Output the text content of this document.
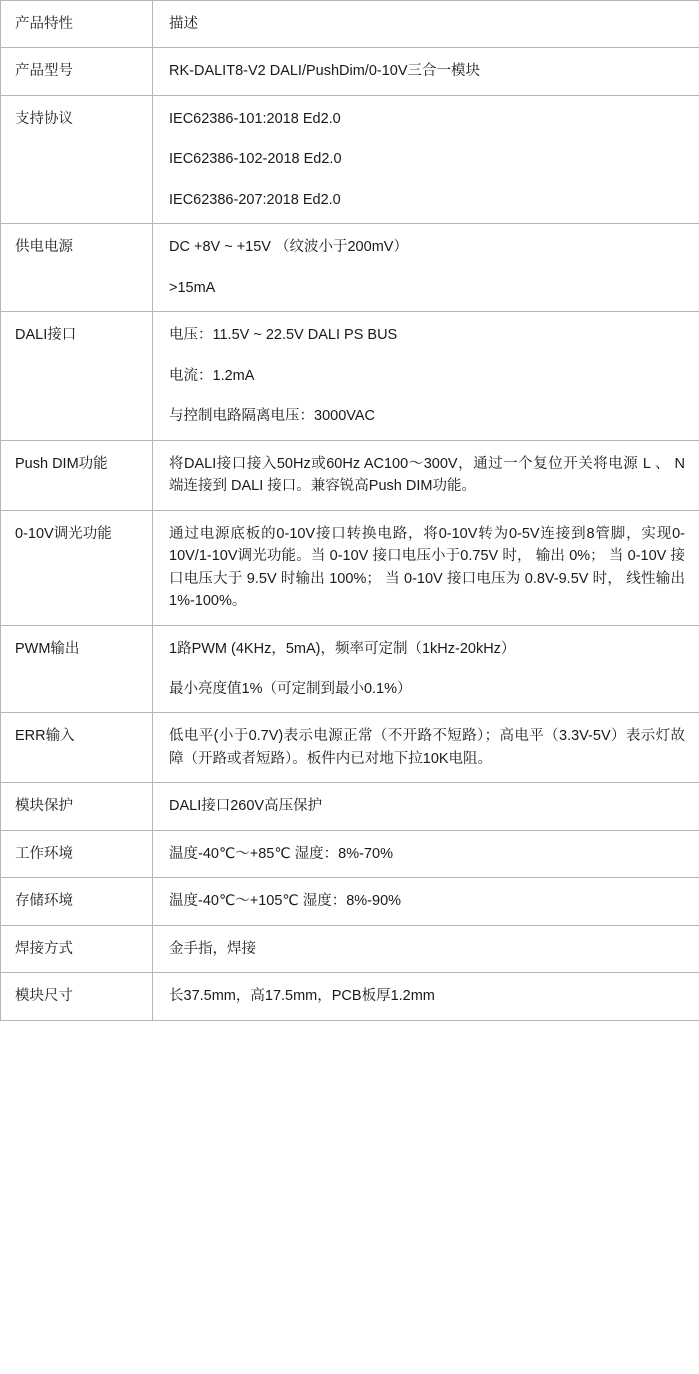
产品特性	描述
产品型号	RK-DALIT8-V2 DALI/PushDim/0-10V三合一模块

支持协议	IEC62386-101:2018 Ed2.0
IEC62386-102-2018 Ed2.0
IEC62386-207:2018 Ed2.0

供电电源	DC +8V ~ +15V （纹波小于200mV）
>15mA

DALI接口	电压：11.5V ~ 22.5V DALI PS BUS
电流：1.2mA
与控制电路隔离电压：3000VAC

Push DIM功能	将DALI接口接入50Hz或60Hz AC100～300V，通过一个复位开关将电源 L 、 N 端连接到 DALI 接口。兼容锐高Push DIM功能。

0-10V调光功能	通过电源底板的0-10V接口转换电路，将0-10V转为0-5V连接到8管脚，实现0-10V/1-10V调光功能。当 0-10V 接口电压小于0.75V 时， 输出 0%； 当 0-10V 接口电压大于 9.5V 时输出 100%； 当 0-10V 接口电压为 0.8V-9.5V 时， 线性输出 1%-100%。

PWM输出	1路PWM (4KHz，5mA)，频率可定制（1kHz-20kHz）
最小亮度值1%（可定制到最小0.1%）

ERR输入	低电平(小于0.7V)表示电源正常（不开路不短路）；高电平（3.3V-5V）表示灯故障（开路或者短路）。板件内已对地下拉10K电阻。

模块保护	DALI接口260V高压保护

工作环境	温度-40℃～+85℃ 湿度：8%-70%

存储环境	温度-40℃～+105℃ 湿度：8%-90%

焊接方式	金手指，焊接

模块尺寸	长37.5mm，高17.5mm，PCB板厚1.2mm
